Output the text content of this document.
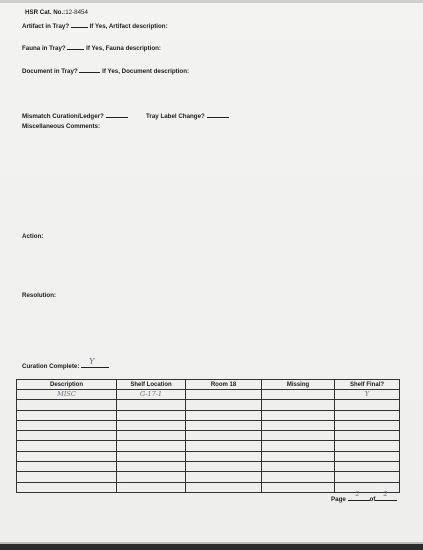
HSR Cat. No.:12-8454
Artifact in Tray?	If Yes, Artifact description:
Fauna in Tray?	If Yes, Fauna description:
Document in Tray?	If Yes, Document description:
Mismatch Curation/Ledger?	Tray Label Change?
Miscellaneous Comments:
Action:
Resolution:
Curation Complete:
Y
Description	Shelf Location	Room 18	Missing	Shelf Final?

MISC	G-17-1			Y

Page
2
of
2
